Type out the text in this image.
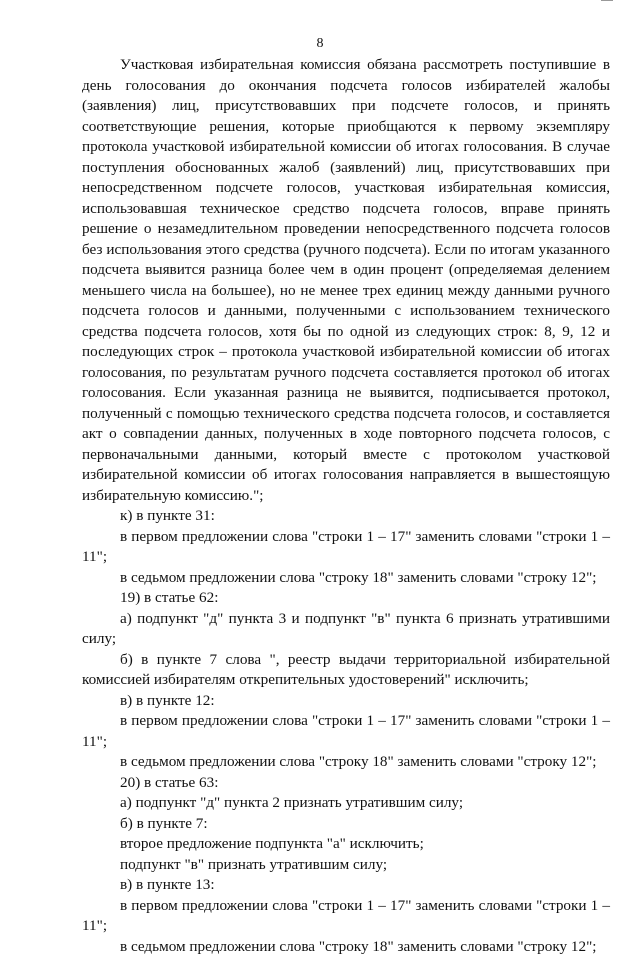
8

Участковая избирательная комиссия обязана рассмотреть поступившие в день голосования до окончания подсчета голосов избирателей жалобы (заявления) лиц, присутствовавших при подсчете голосов, и принять соответствующие решения, которые приобщаются к первому экземпляру протокола участковой избирательной комиссии об итогах голосования. В случае поступления обоснованных жалоб (заявлений) лиц, присутствовавших при непосредственном подсчете голосов, участковая избирательная комиссия, использовавшая техническое средство подсчета голосов, вправе принять решение о незамедлительном проведении непосредственного подсчета голосов без использования этого средства (ручного подсчета). Если по итогам указанного подсчета выявится разница более чем в один процент (определяемая делением меньшего числа на большее), но не менее трех единиц между данными ручного подсчета голосов и данными, полученными с использованием технического средства подсчета голосов, хотя бы по одной из следующих строк: 8, 9, 12 и последующих строк – протокола участковой избирательной комиссии об итогах голосования, по результатам ручного подсчета составляется протокол об итогах голосования. Если указанная разница не выявится, подписывается протокол, полученный с помощью технического средства подсчета голосов, и составляется акт о совпадении данных, полученных в ходе повторного подсчета голосов, с первоначальными данными, который вместе с протоколом участковой избирательной комиссии об итогах голосования направляется в вышестоящую избирательную комиссию.";

к) в пункте 31:

в первом предложении слова "строки 1 – 17" заменить словами "строки 1 – 11";

в седьмом предложении слова "строку 18" заменить словами "строку 12";

19) в статье 62:

а) подпункт "д" пункта 3 и подпункт "в" пункта 6 признать утратившими силу;

б) в пункте 7 слова ", реестр выдачи территориальной избирательной комиссией избирателям открепительных удостоверений" исключить;

в) в пункте 12:

в первом предложении слова "строки 1 – 17" заменить словами "строки 1 – 11";

в седьмом предложении слова "строку 18" заменить словами "строку 12";

20) в статье 63:

а) подпункт "д" пункта 2 признать утратившим силу;

б) в пункте 7:

второе предложение подпункта "а" исключить;

подпункт "в" признать утратившим силу;

в) в пункте 13:

в первом предложении слова "строки 1 – 17" заменить словами "строки 1 – 11";

в седьмом предложении слова "строку 18" заменить словами "строку 12";
